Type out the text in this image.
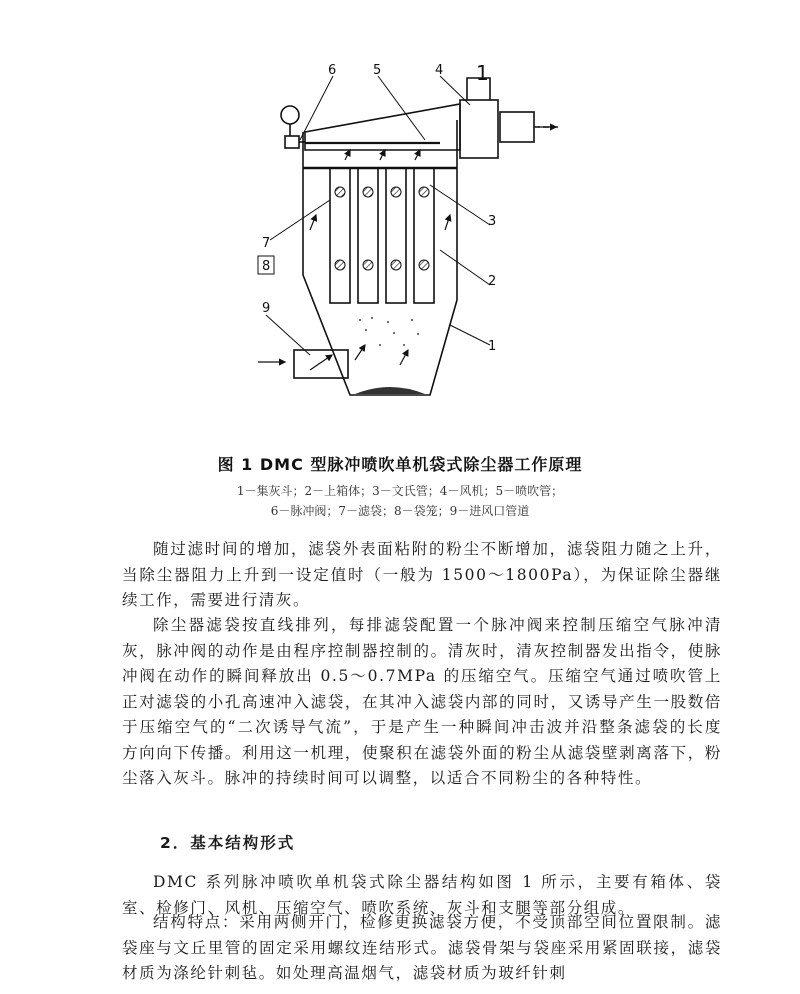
6	5	4 1
3
2
7
8
9
1
图 1 DMC 型脉冲喷吹单机袋式除尘器工作原理
1－集灰斗；2－上箱体；3－文氏管；4－风机；5－喷吹管；
6－脉冲阀；7－滤袋；8－袋笼；9－进风口管道

随过滤时间的增加，滤袋外表面粘附的粉尘不断增加，滤袋阻力随之上升，当除尘器阻力上升到一设定值时（一般为 1500～1800Pa），为保证除尘器继续工作，需要进行清灰。

除尘器滤袋按直线排列，每排滤袋配置一个脉冲阀来控制压缩空气脉冲清灰，脉冲阀的动作是由程序控制器控制的。清灰时，清灰控制器发出指令，使脉冲阀在动作的瞬间释放出 0.5～0.7MPa 的压缩空气。压缩空气通过喷吹管上正对滤袋的小孔高速冲入滤袋，在其冲入滤袋内部的同时，又诱导产生一股数倍于压缩空气的“二次诱导气流”，于是产生一种瞬间冲击波并沿整条滤袋的长度方向向下传播。利用这一机理，使聚积在滤袋外面的粉尘从滤袋壁剥离落下，粉尘落入灰斗。脉冲的持续时间可以调整，以适合不同粉尘的各种特性。

2．基本结构形式

DMC 系列脉冲喷吹单机袋式除尘器结构如图 1 所示，主要有箱体、袋室、检修门、风机、压缩空气、喷吹系统、灰斗和支腿等部分组成。

结构特点：采用两侧开门，检修更换滤袋方便，不受顶部空间位置限制。滤袋座与文丘里管的固定采用螺纹连结形式。滤袋骨架与袋座采用紧固联接，滤袋材质为涤纶针刺毡。如处理高温烟气，滤袋材质为玻纤针刺
